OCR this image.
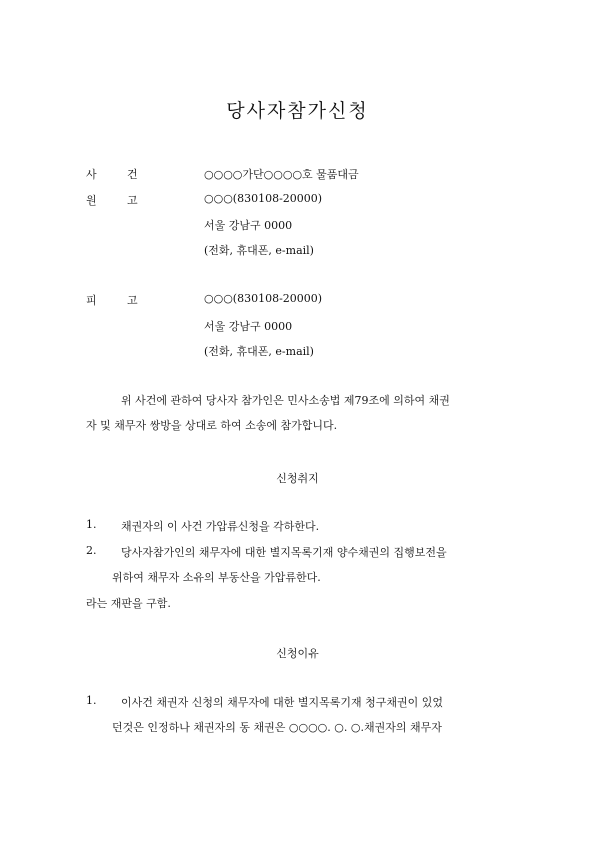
당사자참가신청
사	건	○○○○가단○○○○호 물품대금
원	고	○○○(830108-20000)
서울 강남구 0000
(전화, 휴대폰, e-mail)
피	고	○○○(830108-20000)
서울 강남구 0000
(전화, 휴대폰, e-mail)
위 사건에 관하여 당사자 참가인은 민사소송법 제79조에 의하여 채권
자 및 채무자 쌍방을 상대로 하여 소송에 참가합니다.
신청취지
1. 채권자의 이 사건 가압류신청을 각하한다.
2. 당사자참가인의 채무자에 대한 별지목록기재 양수채권의 집행보전을
위하여 채무자 소유의 부동산을 가압류한다.
라는 재판을 구함.
신청이유
1. 이사건 채권자 신청의 채무자에 대한 별지목록기재 청구채권이 있었
던것은 인정하나 채권자의 동 채권은 ○○○○. ○. ○.채권자의 채무자
